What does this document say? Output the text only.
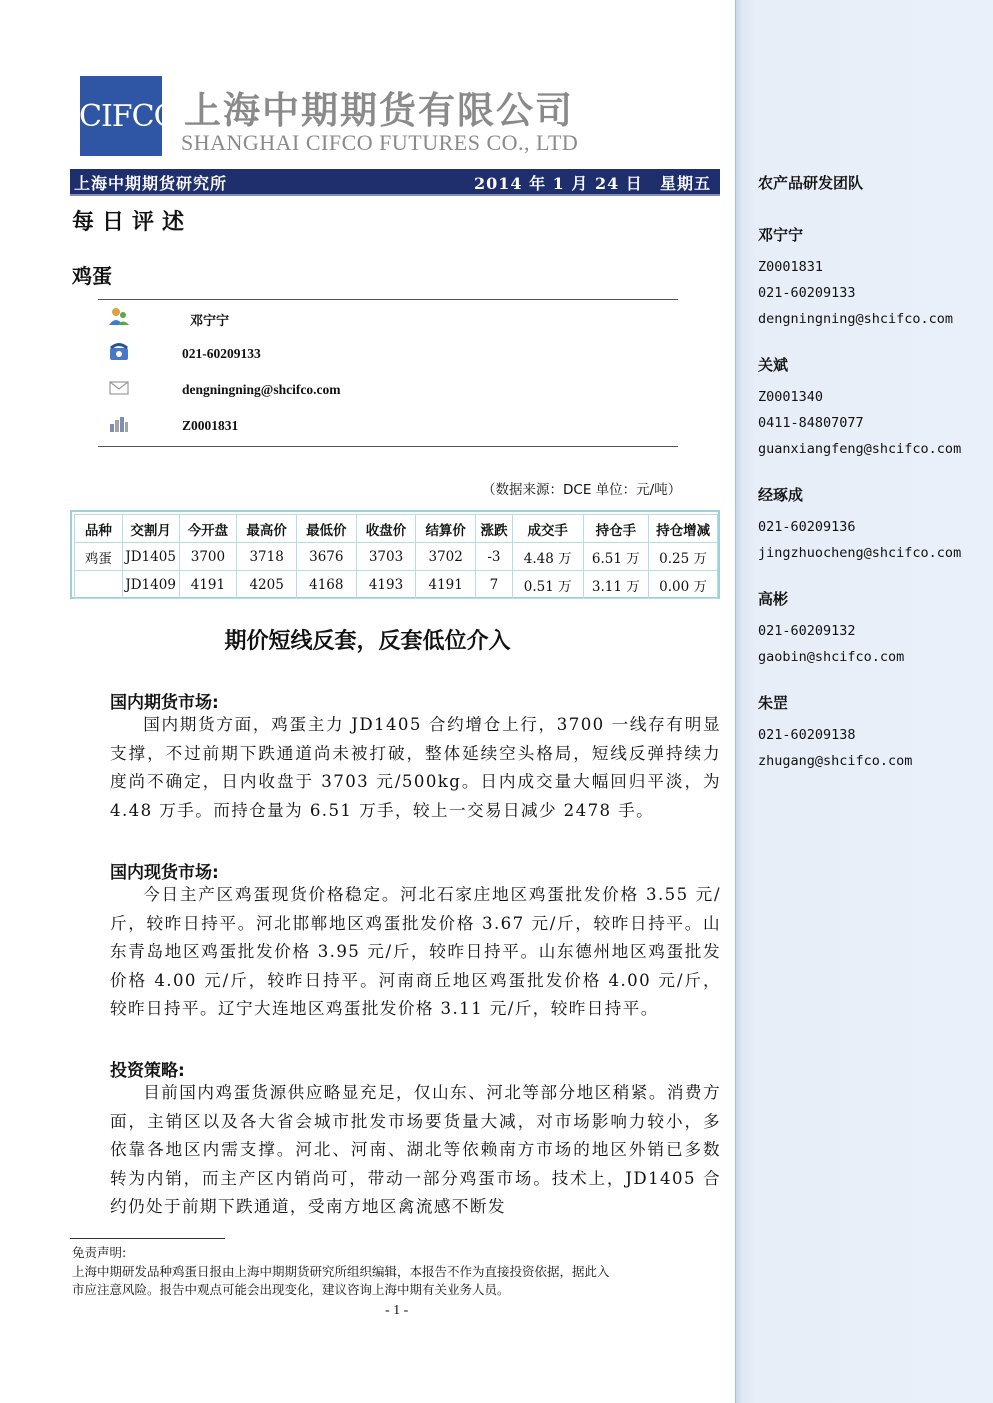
农产品研发团队
邓宁宁
Z0001831
021-60209133
dengningning@shcifco.com
关斌
Z0001340
0411-84807077
guanxiangfeng@shcifco.com
经琢成
021-60209136
jingzhuocheng@shcifco.com
高彬
021-60209132
gaobin@shcifco.com
朱罡
021-60209138
zhugang@shcifco.com
CIFCO 上海中期期货有限公司
SHANGHAI CIFCO FUTURES CO., LTD
上海中期期货研究所	2014 年 1 月 24 日 星期五
每日评述
鸡蛋
邓宁宁
021-60209133
dengningning@shcifco.com
Z0001831
（数据来源：DCE 单位：元/吨）
品种	交割月	今开盘	最高价	最低价	收盘价	结算价	涨跌	成交手	持仓手	持仓增减
鸡蛋	JD1405	3700	3718	3676	3703	3702	-3	4.48 万	6.51 万	0.25 万
	JD1409	4191	4205	4168	4193	4191	7	0.51 万	3.11 万	0.00 万
期价短线反套，反套低位介入
国内期货市场:
国内期货方面，鸡蛋主力 JD1405 合约增仓上行，3700 一线存有明显支撑，不过前期下跌通道尚未被打破，整体延续空头格局，短线反弹持续力度尚不确定，日内收盘于 3703 元/500kg。日内成交量大幅回归平淡，为 4.48 万手。而持仓量为 6.51 万手，较上一交易日减少 2478 手。
国内现货市场:
今日主产区鸡蛋现货价格稳定。河北石家庄地区鸡蛋批发价格 3.55 元/斤，较昨日持平。河北邯郸地区鸡蛋批发价格 3.67 元/斤，较昨日持平。山东青岛地区鸡蛋批发价格 3.95 元/斤，较昨日持平。山东德州地区鸡蛋批发价格 4.00 元/斤，较昨日持平。河南商丘地区鸡蛋批发价格 4.00 元/斤，较昨日持平。辽宁大连地区鸡蛋批发价格 3.11 元/斤，较昨日持平。
投资策略:
目前国内鸡蛋货源供应略显充足，仅山东、河北等部分地区稍紧。消费方面，主销区以及各大省会城市批发市场要货量大减，对市场影响力较小，多依靠各地区内需支撑。河北、河南、湖北等依赖南方市场的地区外销已多数转为内销，而主产区内销尚可，带动一部分鸡蛋市场。技术上，JD1405 合约仍处于前期下跌通道，受南方地区禽流感不断发
免责声明:
上海中期研发品种鸡蛋日报由上海中期期货研究所组织编辑，本报告不作为直接投资依据，据此入
市应注意风险。报告中观点可能会出现变化，建议咨询上海中期有关业务人员。
- 1 -
